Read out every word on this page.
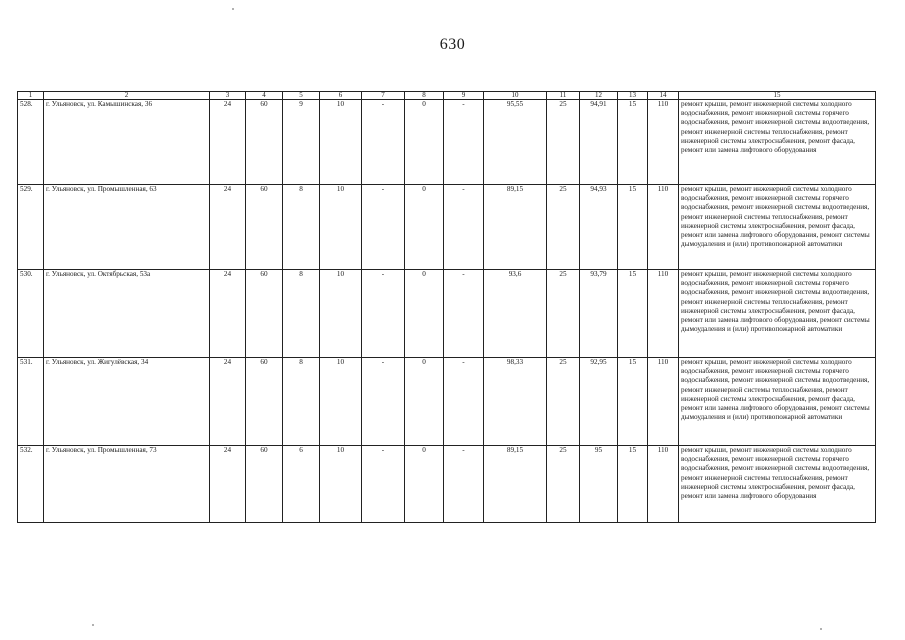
630
1	2	3	4	5	6	7	8	9	10	11	12	13	14	15
528.	г. Ульяновск, ул. Камышинская, 36	24	60	9	10	-	0	-	95,55	25	94,91	15	110	ремонт крыши, ремонт инженерной системы холодного водоснабжения, ремонт инженерной системы горячего водоснабжения, ремонт инженерной системы водоотведения, ремонт инженерной системы теплоснабжения, ремонт инженерной системы электроснабжения, ремонт фасада, ремонт или замена лифтового оборудования
529.	г. Ульяновск, ул. Промышленная, 63	24	60	8	10	-	0	-	89,15	25	94,93	15	110	ремонт крыши, ремонт инженерной системы холодного водоснабжения, ремонт инженерной системы горячего водоснабжения, ремонт инженерной системы водоотведения, ремонт инженерной системы теплоснабжения, ремонт инженерной системы электроснабжения, ремонт фасада, ремонт или замена лифтового оборудования, ремонт системы дымоудаления и (или) противопожарной автоматики
530.	г. Ульяновск, ул. Октябрьская, 53а	24	60	8	10	-	0	-	93,6	25	93,79	15	110	ремонт крыши, ремонт инженерной системы холодного водоснабжения, ремонт инженерной системы горячего водоснабжения, ремонт инженерной системы водоотведения, ремонт инженерной системы теплоснабжения, ремонт инженерной системы электроснабжения, ремонт фасада, ремонт или замена лифтового оборудования, ремонт системы дымоудаления и (или) противопожарной автоматики
531.	г. Ульяновск, ул. Жигулёвская, 34	24	60	8	10	-	0	-	98,33	25	92,95	15	110	ремонт крыши, ремонт инженерной системы холодного водоснабжения, ремонт инженерной системы горячего водоснабжения, ремонт инженерной системы водоотведения, ремонт инженерной системы теплоснабжения, ремонт инженерной системы электроснабжения, ремонт фасада, ремонт или замена лифтового оборудования, ремонт системы дымоудаления и (или) противопожарной автоматики
532.	г. Ульяновск, ул. Промышленная, 73	24	60	6	10	-	0	-	89,15	25	95	15	110	ремонт крыши, ремонт инженерной системы холодного водоснабжения, ремонт инженерной системы горячего водоснабжения, ремонт инженерной системы водоотведения, ремонт инженерной системы теплоснабжения, ремонт инженерной системы электроснабжения, ремонт фасада, ремонт или замена лифтового оборудования
